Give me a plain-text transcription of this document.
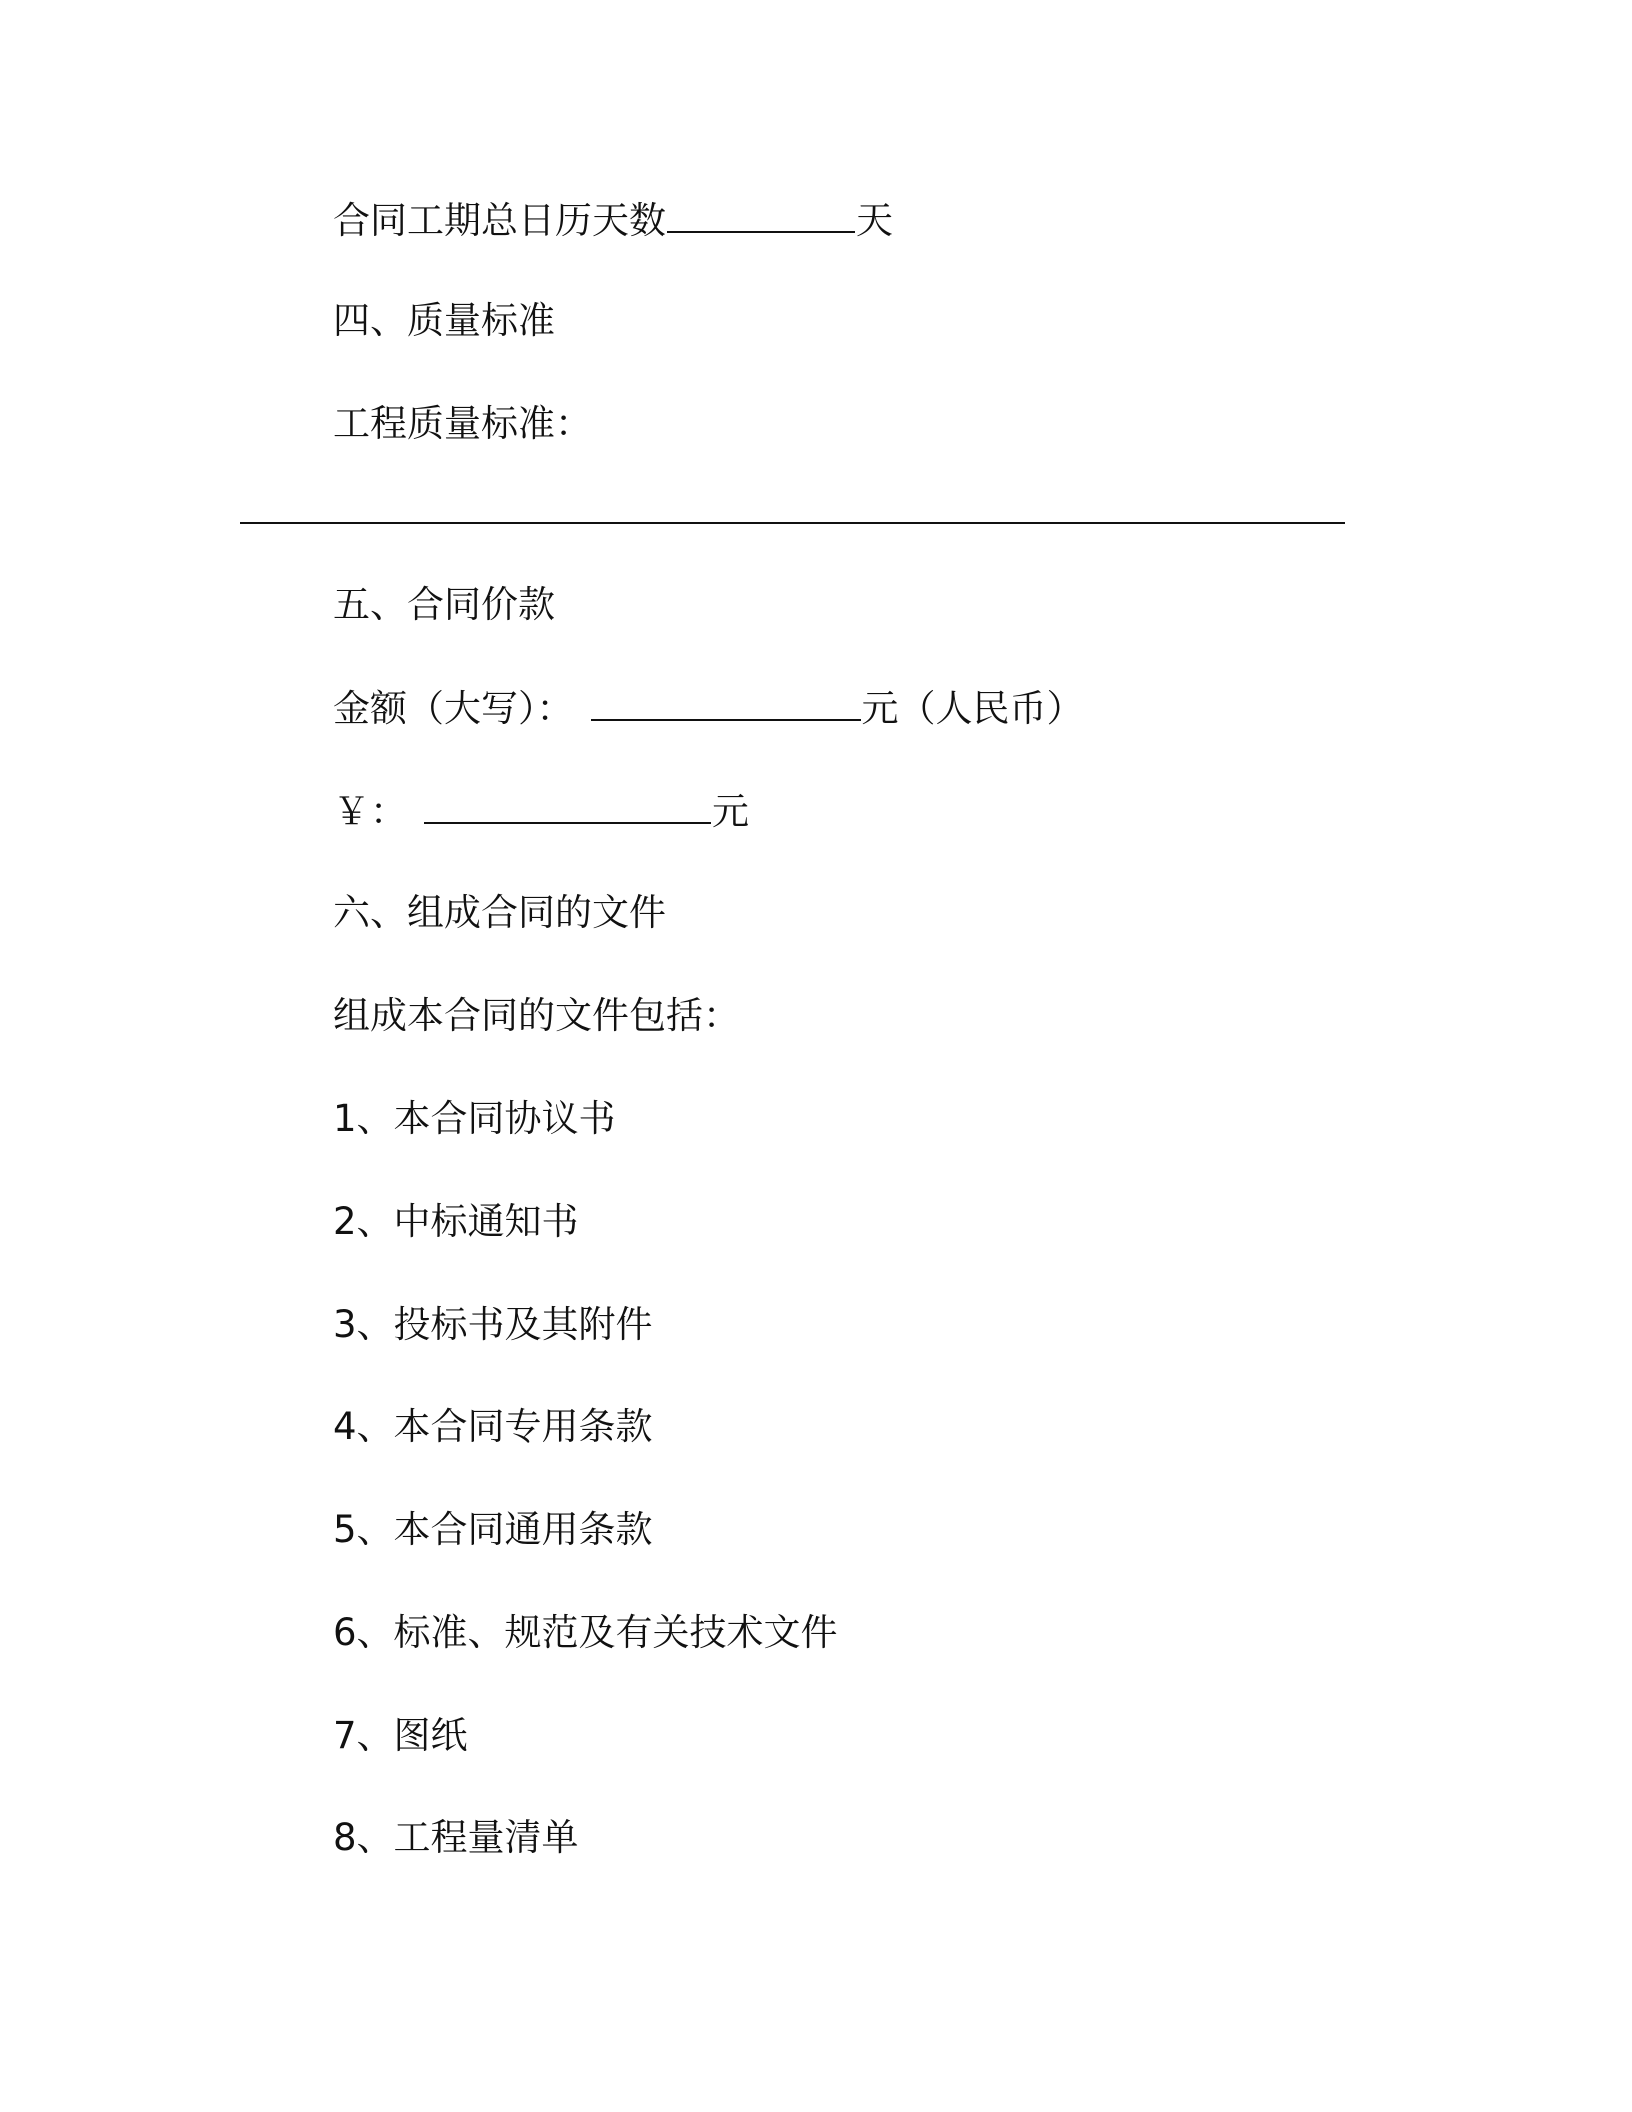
合同工期总日历天数	天
四、质量标准
工程质量标准：
五、合同价款
金额（大写）：	元（人民币）
￥：	元
六、组成合同的文件
组成本合同的文件包括：
1、本合同协议书
2、中标通知书
3、投标书及其附件
4、本合同专用条款
5、本合同通用条款
6、标准、规范及有关技术文件
7、图纸
8、工程量清单
